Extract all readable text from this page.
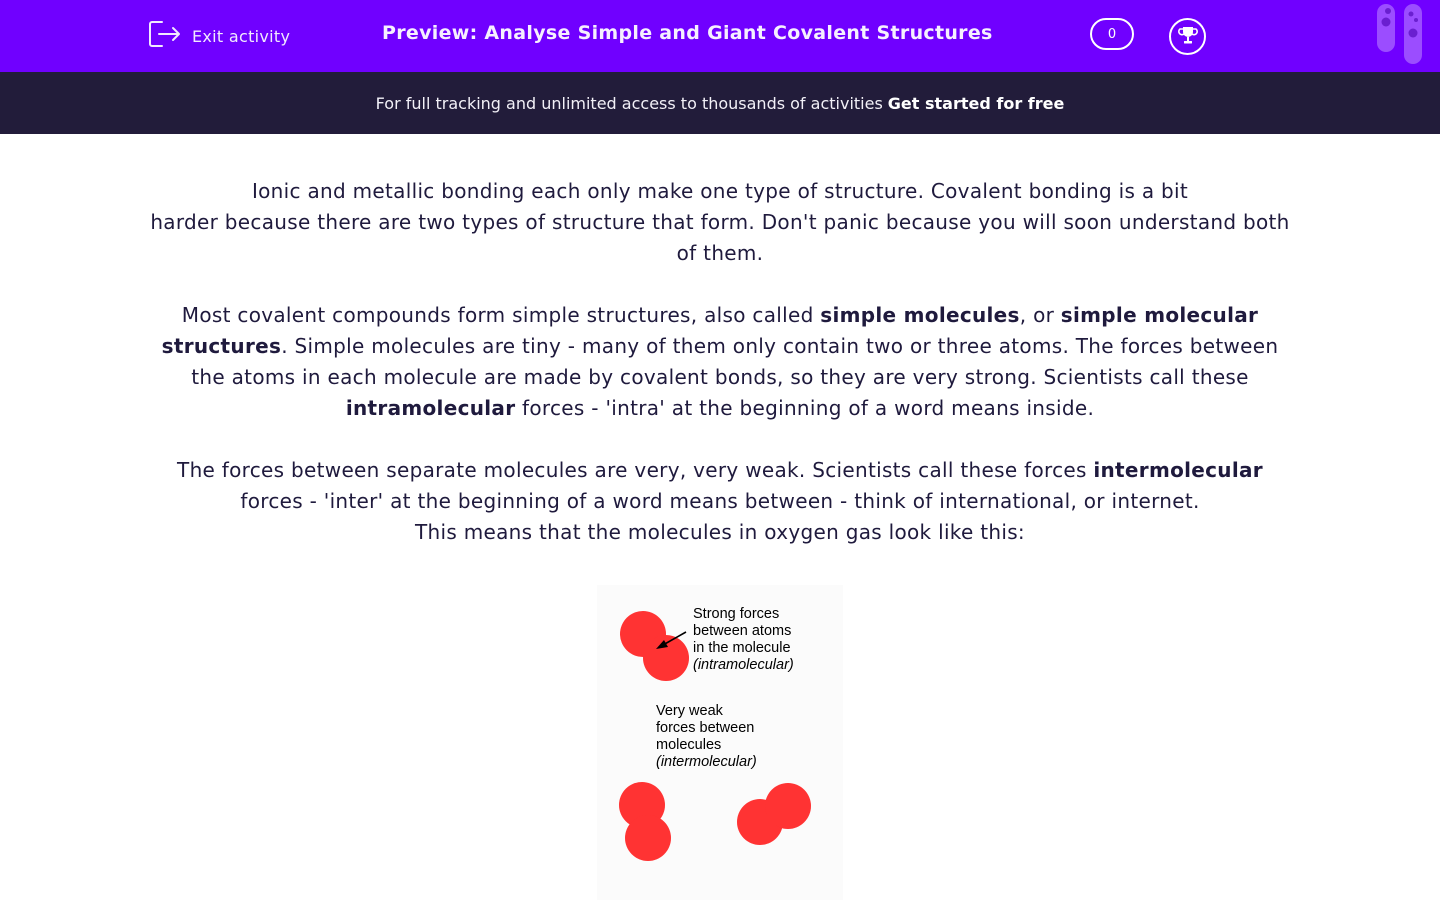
Exit activity	Preview: Analyse Simple and Giant Covalent Structures	0
For full tracking and unlimited access to thousands of activities Get started for free

Ionic and metallic bonding each only make one type of structure. Covalent bonding is a bit
harder because there are two types of structure that form. Don't panic because you will soon understand both of them.

Most covalent compounds form simple structures, also called simple molecules, or simple molecular structures. Simple molecules are tiny - many of them only contain two or three atoms. The forces between the atoms in each molecule are made by covalent bonds, so they are very strong. Scientists call these intramolecular forces - 'intra' at the beginning of a word means inside.

The forces between separate molecules are very, very weak. Scientists call these forces intermolecular forces - 'inter' at the beginning of a word means between - think of international, or internet.
This means that the molecules in oxygen gas look like this:

Strong forces
between atoms
in the molecule
(intramolecular)
Very weak
forces between
molecules
(intermolecular)
